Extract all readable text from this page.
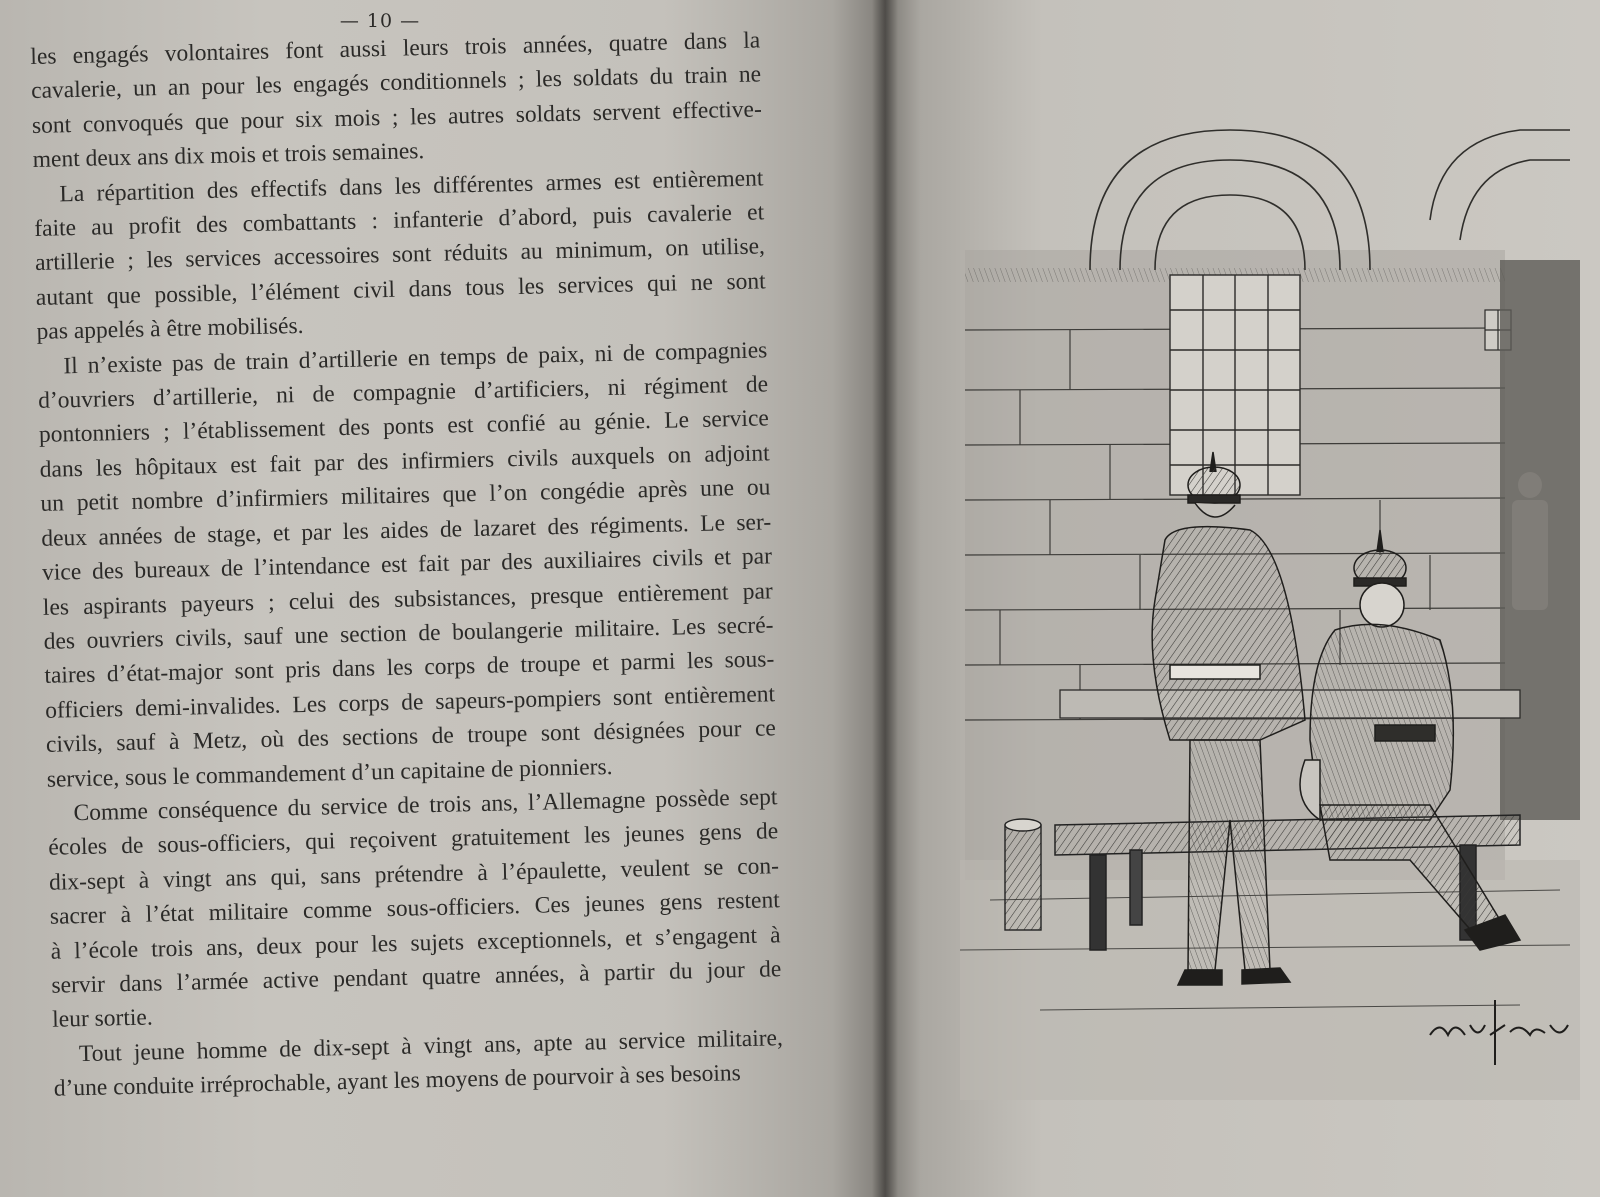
— 10 —

les engagés volontaires font aussi leurs trois années, quatre dans la
cavalerie, un an pour les engagés conditionnels ; les soldats du train ne
sont convoqués que pour six mois ; les autres soldats servent effective-
ment deux ans dix mois et trois semaines.

La répartition des effectifs dans les différentes armes est entièrement
faite au profit des combattants : infanterie d’abord, puis cavalerie et
artillerie ; les services accessoires sont réduits au minimum, on utilise,
autant que possible, l’élément civil dans tous les services qui ne sont
pas appelés à être mobilisés.

Il n’existe pas de train d’artillerie en temps de paix, ni de compagnies
d’ouvriers d’artillerie, ni de compagnie d’artificiers, ni régiment de
pontonniers ; l’établissement des ponts est confié au génie. Le service
dans les hôpitaux est fait par des infirmiers civils auxquels on adjoint
un petit nombre d’infirmiers militaires que l’on congédie après une ou
deux années de stage, et par les aides de lazaret des régiments. Le ser-
vice des bureaux de l’intendance est fait par des auxiliaires civils et par
les aspirants payeurs ; celui des subsistances, presque entièrement par
des ouvriers civils, sauf une section de boulangerie militaire. Les secré-
taires d’état-major sont pris dans les corps de troupe et parmi les sous-
officiers demi-invalides. Les corps de sapeurs-pompiers sont entièrement
civils, sauf à Metz, où des sections de troupe sont désignées pour ce
service, sous le commandement d’un capitaine de pionniers.

Comme conséquence du service de trois ans, l’Allemagne possède sept
écoles de sous-officiers, qui reçoivent gratuitement les jeunes gens de
dix-sept à vingt ans qui, sans prétendre à l’épaulette, veulent se con-
sacrer à l’état militaire comme sous-officiers. Ces jeunes gens restent
à l’école trois ans, deux pour les sujets exceptionnels, et s’engagent à
servir dans l’armée active pendant quatre années, à partir du jour de
leur sortie.

Tout jeune homme de dix-sept à vingt ans, apte au service militaire,
d’une conduite irréprochable, ayant les moyens de pourvoir à ses besoins
